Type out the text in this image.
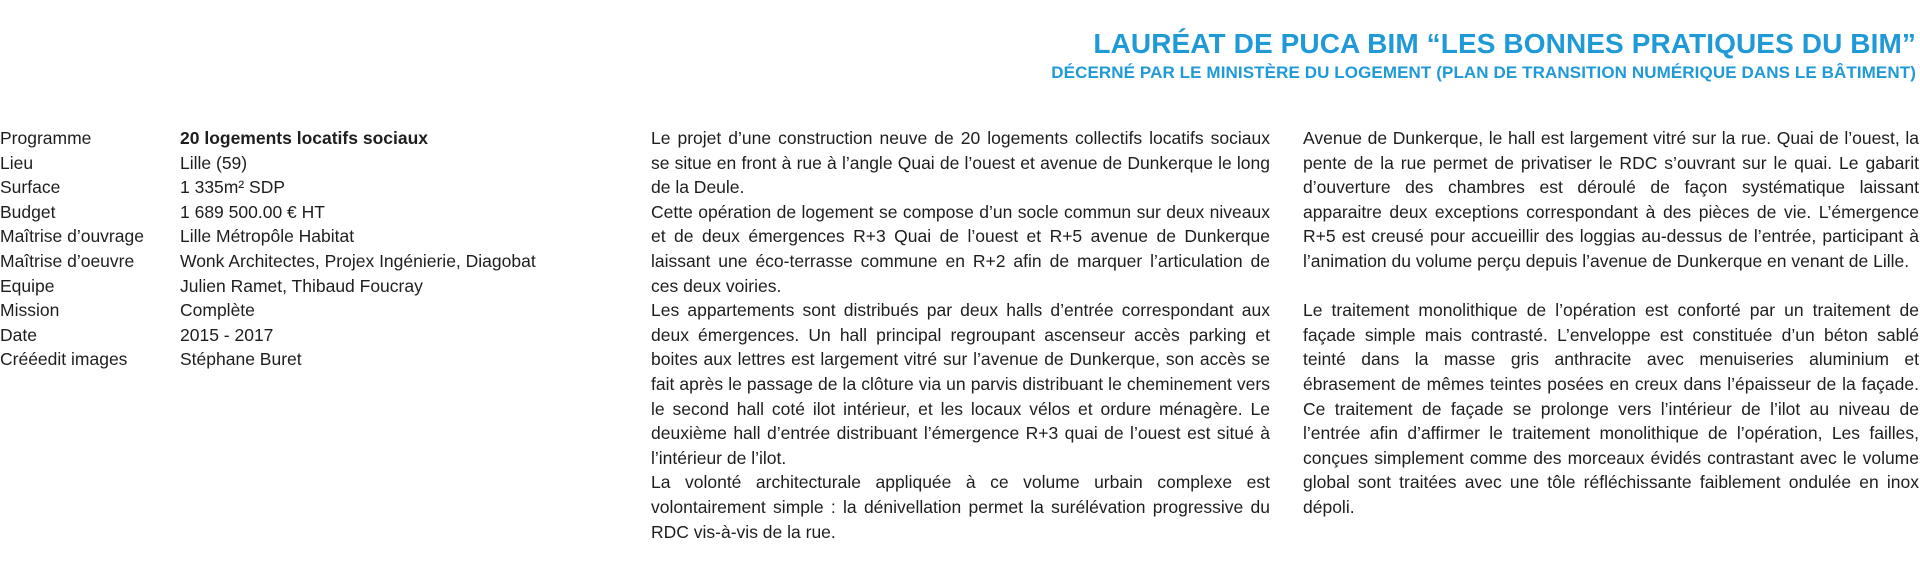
LAURÉAT DE PUCA BIM “LES BONNES PRATIQUES DU BIM”
DÉCERNÉ PAR LE MINISTÈRE DU LOGEMENT (PLAN DE TRANSITION NUMÉRIQUE DANS LE BÂTIMENT)
Programme	20 logements locatifs sociaux
Lieu	Lille (59)
Surface	1 335m² SDP
Budget	1 689 500.00 € HT
Maîtrise d’ouvrage	Lille Métropôle Habitat
Maîtrise d’oeuvre	Wonk Architectes, Projex Ingénierie, Diagobat
Equipe	Julien Ramet, Thibaud Foucray
Mission	Complète
Date	2015 - 2017
Crééedit images	Stéphane Buret

Le projet d’une construction neuve de 20 logements collectifs locatifs sociaux se situe en front à rue à l’angle Quai de l’ouest et avenue de Dunkerque le long de la Deule.

Cette opération de logement se compose d’un socle commun sur deux niveaux et de deux émergences R+3 Quai de l’ouest et R+5 avenue de Dunkerque laissant une éco-terrasse commune en R+2 afin de marquer l’articulation de ces deux voiries.

Les appartements sont distribués par deux halls d’entrée correspondant aux deux émergences. Un hall principal regroupant ascenseur accès parking et boites aux lettres est largement vitré sur l’avenue de Dunkerque, son accès se fait après le passage de la clôture via un parvis distribuant le cheminement vers le second hall coté ilot intérieur, et les locaux vélos et ordure ménagère. Le deuxième hall d’entrée distribuant l’émergence R+3 quai de l’ouest est situé à l’intérieur de l’ilot.

La volonté architecturale appliquée à ce volume urbain complexe est volontairement simple : la dénivellation permet la surélévation progressive du RDC vis-à-vis de la rue.

Avenue de Dunkerque, le hall est largement vitré sur la rue. Quai de l’ouest, la pente de la rue permet de privatiser le RDC s’ouvrant sur le quai. Le gabarit d’ouverture des chambres est déroulé de façon systématique laissant apparaitre deux exceptions correspondant à des pièces de vie. L’émergence R+5 est creusé pour accueillir des loggias au-dessus de l’entrée, participant à l’animation du volume perçu depuis l’avenue de Dunkerque en venant de Lille.

Le traitement monolithique de l’opération est conforté par un traitement de façade simple mais contrasté. L’enveloppe est constituée d’un béton sablé teinté dans la masse gris anthracite avec menuiseries aluminium et ébrasement de mêmes teintes posées en creux dans l’épaisseur de la façade. Ce traitement de façade se prolonge vers l’intérieur de l’ilot au niveau de l’entrée afin d’affirmer le traitement monolithique de l’opération, Les failles, conçues simplement comme des morceaux évidés contrastant avec le volume global sont traitées avec une tôle réfléchissante faiblement ondulée en inox dépoli.
